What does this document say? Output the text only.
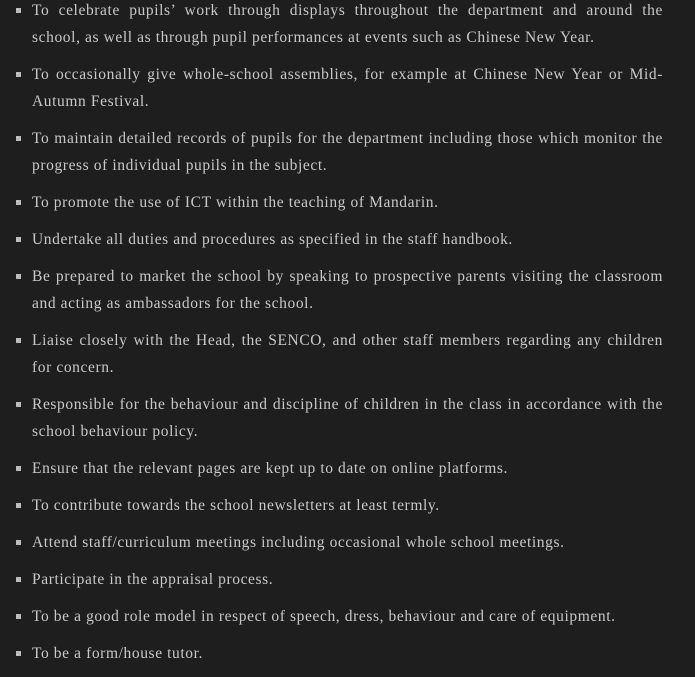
To celebrate pupils’ work through displays throughout the department and around the school, as well as through pupil performances at events such as Chinese New Year.
To occasionally give whole-school assemblies, for example at Chinese New Year or Mid-Autumn Festival.
To maintain detailed records of pupils for the department including those which monitor the progress of individual pupils in the subject.
To promote the use of ICT within the teaching of Mandarin.
Undertake all duties and procedures as specified in the staff handbook.
Be prepared to market the school by speaking to prospective parents visiting the classroom and acting as ambassadors for the school.
Liaise closely with the Head, the SENCO, and other staff members regarding any children for concern.
Responsible for the behaviour and discipline of children in the class in accordance with the school behaviour policy.
Ensure that the relevant pages are kept up to date on online platforms.
To contribute towards the school newsletters at least termly.
Attend staff/curriculum meetings including occasional whole school meetings.
Participate in the appraisal process.
To be a good role model in respect of speech, dress, behaviour and care of equipment.
To be a form/house tutor.
